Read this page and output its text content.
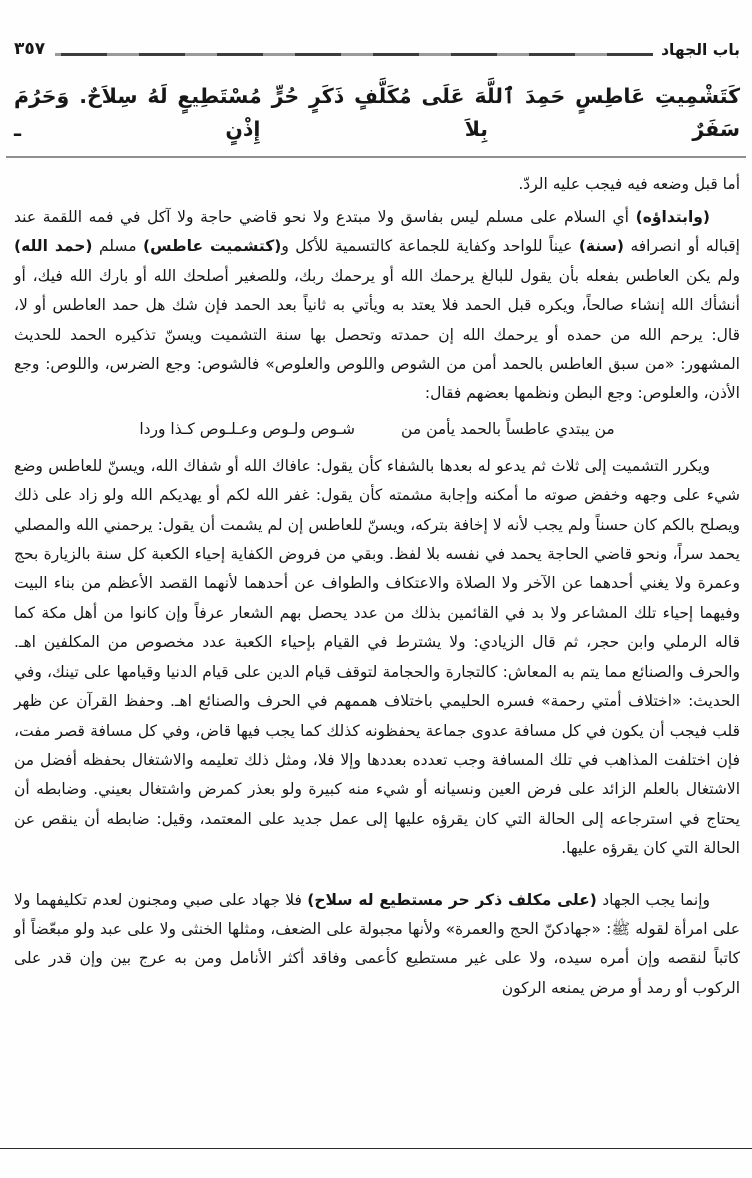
باب الجهاد
٣٥٧
كَتَشْمِيتِ عَاطِسٍ حَمِدَ ٱللَّهَ عَلَى مُكَلَّفٍ ذَكَرٍ حُرٍّ مُسْتَطِيعٍ لَهُ سِلاَحٌ. وَحَرُمَ سَفَرٌ بِلاَ إِذْنٍ ـ

أما قبل وضعه فيه فيجب عليه الردّ.

(وابتداؤه) أي السلام على مسلم ليس بفاسق ولا مبتدع ولا نحو قاضي حاجة ولا آكل في فمه اللقمة عند إقباله أو انصرافه (سنة) عيناً للواحد وكفاية للجماعة كالتسمية للأكل و(كتشميت عاطس) مسلم (حمد الله) ولم يكن العاطس بفعله بأن يقول للبالغ يرحمك الله أو يرحمك ربك، وللصغير أصلحك الله أو بارك الله فيك، أو أنشأك الله إنشاء صالحاً، ويكره قبل الحمد فلا يعتد به ويأتي به ثانياً بعد الحمد فإن شك هل حمد العاطس أو لا، قال: يرحم الله من حمده أو يرحمك الله إن حمدته وتحصل بها سنة التشميت ويسنّ تذكيره الحمد للحديث المشهور: «من سبق العاطس بالحمد أمن من الشوص واللوص والعلوص» فالشوص: وجع الضرس، واللوص: وجع الأذن، والعلوص: وجع البطن ونظمها بعضهم فقال:

من يبتدي عاطساً بالحمد يأمن من
شـوص ولـوص وعـلـوص كـذا وردا

ويكرر التشميت إلى ثلاث ثم يدعو له بعدها بالشفاء كأن يقول: عافاك الله أو شفاك الله، ويسنّ للعاطس وضع شيء على وجهه وخفض صوته ما أمكنه وإجابة مشمته كأن يقول: غفر الله لكم أو يهديكم الله ولو زاد على ذلك ويصلح بالكم كان حسناً ولم يجب لأنه لا إخافة بتركه، ويسنّ للعاطس إن لم يشمت أن يقول: يرحمني الله والمصلي يحمد سراً، ونحو قاضي الحاجة يحمد في نفسه بلا لفظ. وبقي من فروض الكفاية إحياء الكعبة كل سنة بالزيارة بحج وعمرة ولا يغني أحدهما عن الآخر ولا الصلاة والاعتكاف والطواف عن أحدهما لأنهما القصد الأعظم من بناء البيت وفيهما إحياء تلك المشاعر ولا بد في القائمين بذلك من عدد يحصل بهم الشعار عرفاً وإن كانوا من أهل مكة كما قاله الرملي وابن حجر، ثم قال الزيادي: ولا يشترط في القيام بإحياء الكعبة عدد مخصوص من المكلفين اهـ. والحرف والصنائع مما يتم به المعاش: كالتجارة والحجامة لتوقف قيام الدين على قيام الدنيا وقيامها على تينك، وفي الحديث: «اختلاف أمتي رحمة» فسره الحليمي باختلاف هممهم في الحرف والصنائع اهـ. وحفظ القرآن عن ظهر قلب فيجب أن يكون في كل مسافة عدوى جماعة يحفظونه كذلك كما يجب فيها قاض، وفي كل مسافة قصر مفت، فإن اختلفت المذاهب في تلك المسافة وجب تعدده بعددها وإلا فلا، ومثل ذلك تعليمه والاشتغال بحفظه أفضل من الاشتغال بالعلم الزائد على فرض العين ونسيانه أو شيء منه كبيرة ولو بعذر كمرض واشتغال بعيني. وضابطه أن يحتاج في استرجاعه إلى الحالة التي كان يقرؤه عليها إلى عمل جديد على المعتمد، وقيل: ضابطه أن ينقص عن الحالة التي كان يقرؤه عليها.

وإنما يجب الجهاد (على مكلف ذكر حر مستطيع له سلاح) فلا جهاد على صبي ومجنون لعدم تكليفهما ولا على امرأة لقوله ﷺ: «جهادكنّ الحج والعمرة» ولأنها مجبولة على الضعف، ومثلها الخنثى ولا على عبد ولو مبعّضاً أو كاتباً لنقصه وإن أمره سيده، ولا على غير مستطيع كأعمى وفاقد أكثر الأنامل ومن به عرج بين وإن قدر على الركوب أو رمد أو مرض يمنعه الركون
